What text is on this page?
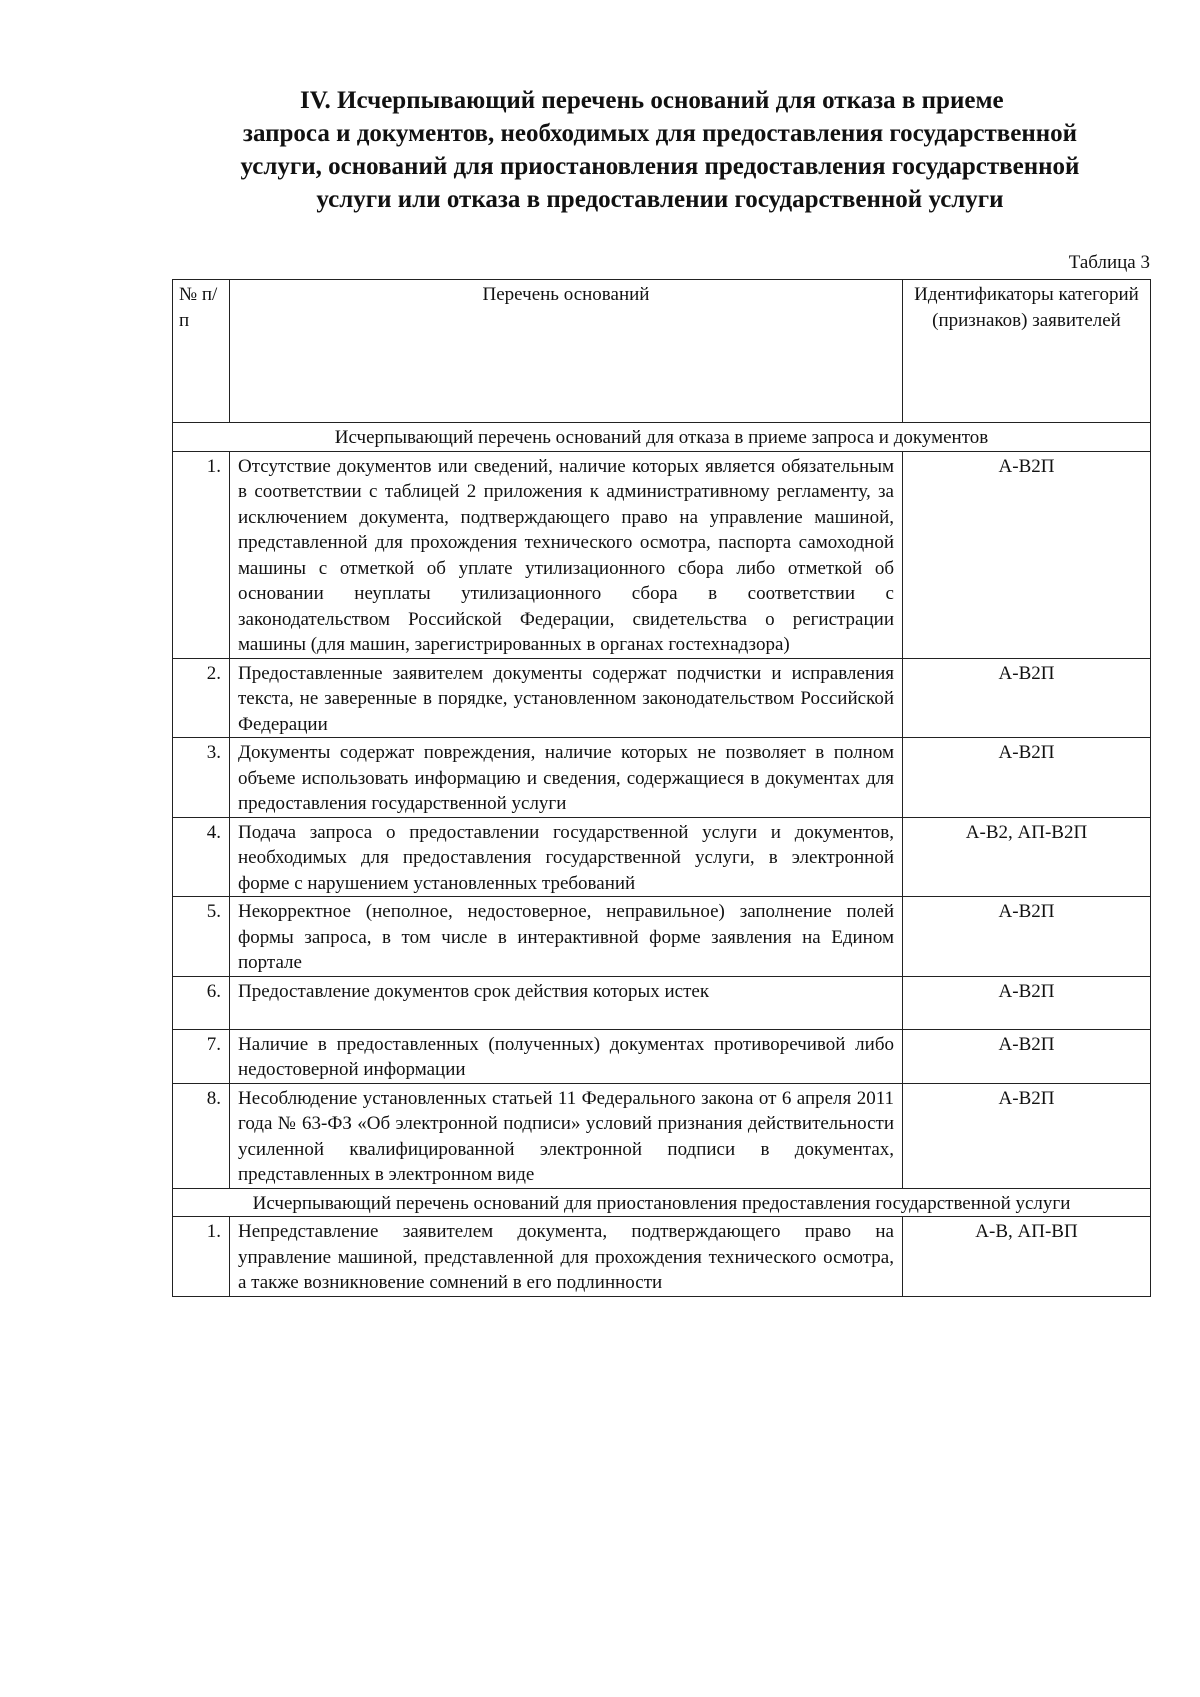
IV. Исчерпывающий перечень оснований для отказа в приеме
запроса и документов, необходимых для предоставления государственной
услуги, оснований для приостановления предоставления государственной
услуги или отказа в предоставлении государственной услуги
Таблица 3
№ п/п	Перечень оснований	Идентификаторы категорий (признаков) заявителей
Исчерпывающий перечень оснований для отказа в приеме запроса и документов		
1.	Отсутствие документов или сведений, наличие которых является обязательным в соответствии с таблицей 2 приложения к административному регламенту, за исключением документа, подтверждающего право на управление машиной, представленной для прохождения технического осмотра, паспорта самоходной машины с отметкой об уплате утилизационного сбора либо отметкой об основании неуплаты утилизационного сбора в соответствии с законодательством Российской Федерации, свидетельства о регистрации машины (для машин, зарегистрированных в органах гостехнадзора)	А-В2П
2.	Предоставленные заявителем документы содержат подчистки и исправления текста, не заверенные в порядке, установленном законодательством Российской Федерации	А-В2П
3.	Документы содержат повреждения, наличие которых не позволяет в полном объеме использовать информацию и сведения, содержащиеся в документах для предоставления государственной услуги	А-В2П
4.	Подача запроса о предоставлении государственной услуги и документов, необходимых для предоставления государственной услуги, в электронной форме с нарушением установленных требований	А-В2, АП-В2П
5.	Некорректное (неполное, недостоверное, неправильное) заполнение полей формы запроса, в том числе в интерактивной форме заявления на Едином портале	А-В2П
6.	Предоставление документов срок действия которых истек	А-В2П
7.	Наличие в предоставленных (полученных) документах противоречивой либо недостоверной информации	А-В2П
8.	Несоблюдение установленных статьей 11 Федерального закона от 6 апреля 2011 года № 63-ФЗ «Об электронной подписи» условий признания действительности усиленной квалифицированной электронной подписи в документах, представленных в электронном виде	А-В2П
Исчерпывающий перечень оснований для приостановления предоставления государственной услуги		
1.	Непредставление заявителем документа, подтверждающего право на управление машиной, представленной для прохождения технического осмотра, а также возникновение сомнений в его подлинности	А-В, АП-ВП
